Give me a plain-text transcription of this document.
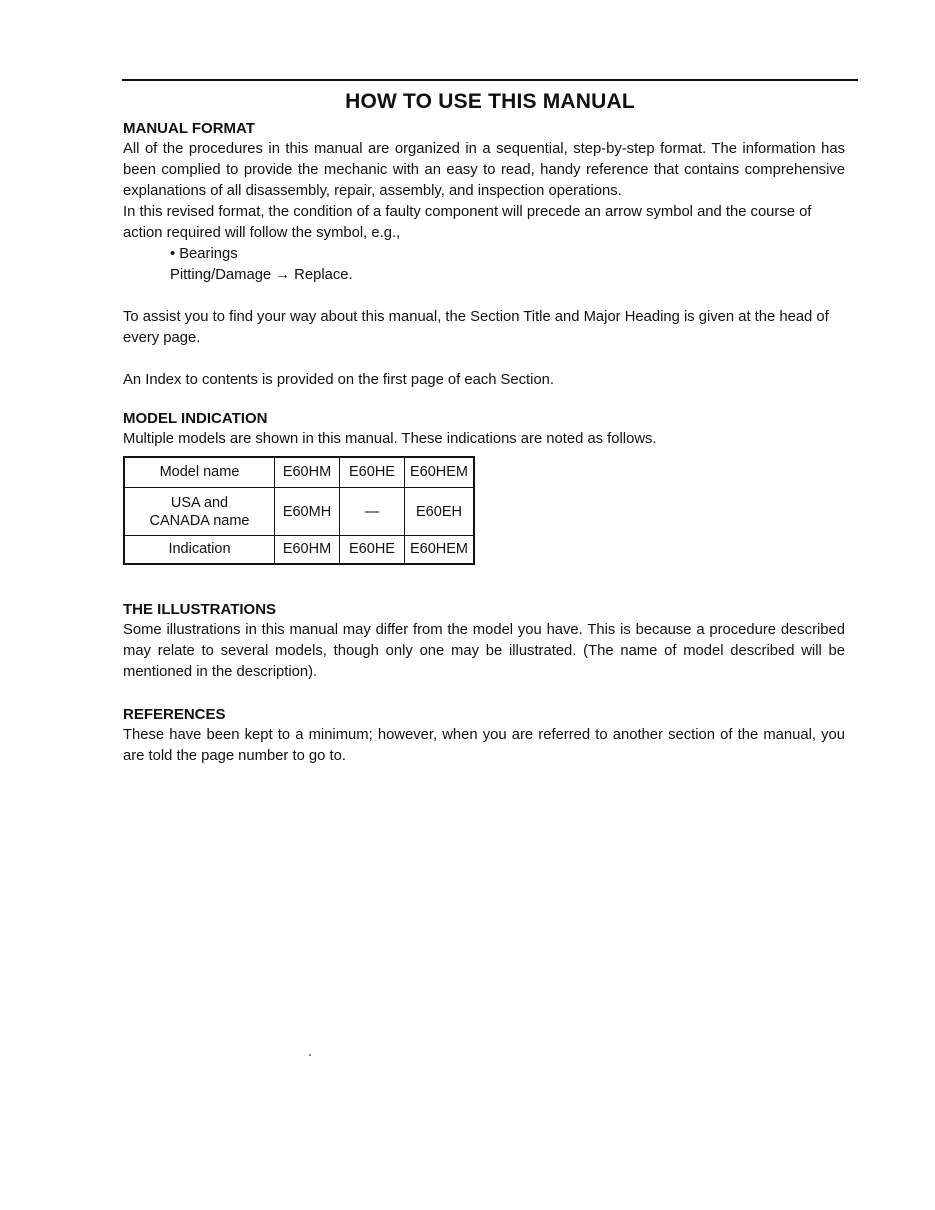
HOW TO USE THIS MANUAL
MANUAL FORMAT

All of the procedures in this manual are organized in a sequential, step-by-step format. The information has been complied to provide the mechanic with an easy to read, handy reference that contains comprehensive explanations of all disassembly, repair, assembly, and inspection operations.

In this revised format, the condition of a faulty component will precede an arrow symbol and the course of action required will follow the symbol, e.g.,

• Bearings
Pitting/Damage → Replace.

To assist you to find your way about this manual, the Section Title and Major Heading is given at the head of every page.

An Index to contents is provided on the first page of each Section.

MODEL INDICATION

Multiple models are shown in this manual. These indications are noted as follows.

Model name	E60HM	E60HE	E60HEM

USA and
CANADA name	E60MH	—	E60EH
Indication	E60HM	E60HE	E60HEM
THE ILLUSTRATIONS

Some illustrations in this manual may differ from the model you have. This is because a procedure described may relate to several models, though only one may be illustrated. (The name of model described will be mentioned in the description).

REFERENCES

These have been kept to a minimum; however, when you are referred to another section of the manual, you are told the page number to go to.
